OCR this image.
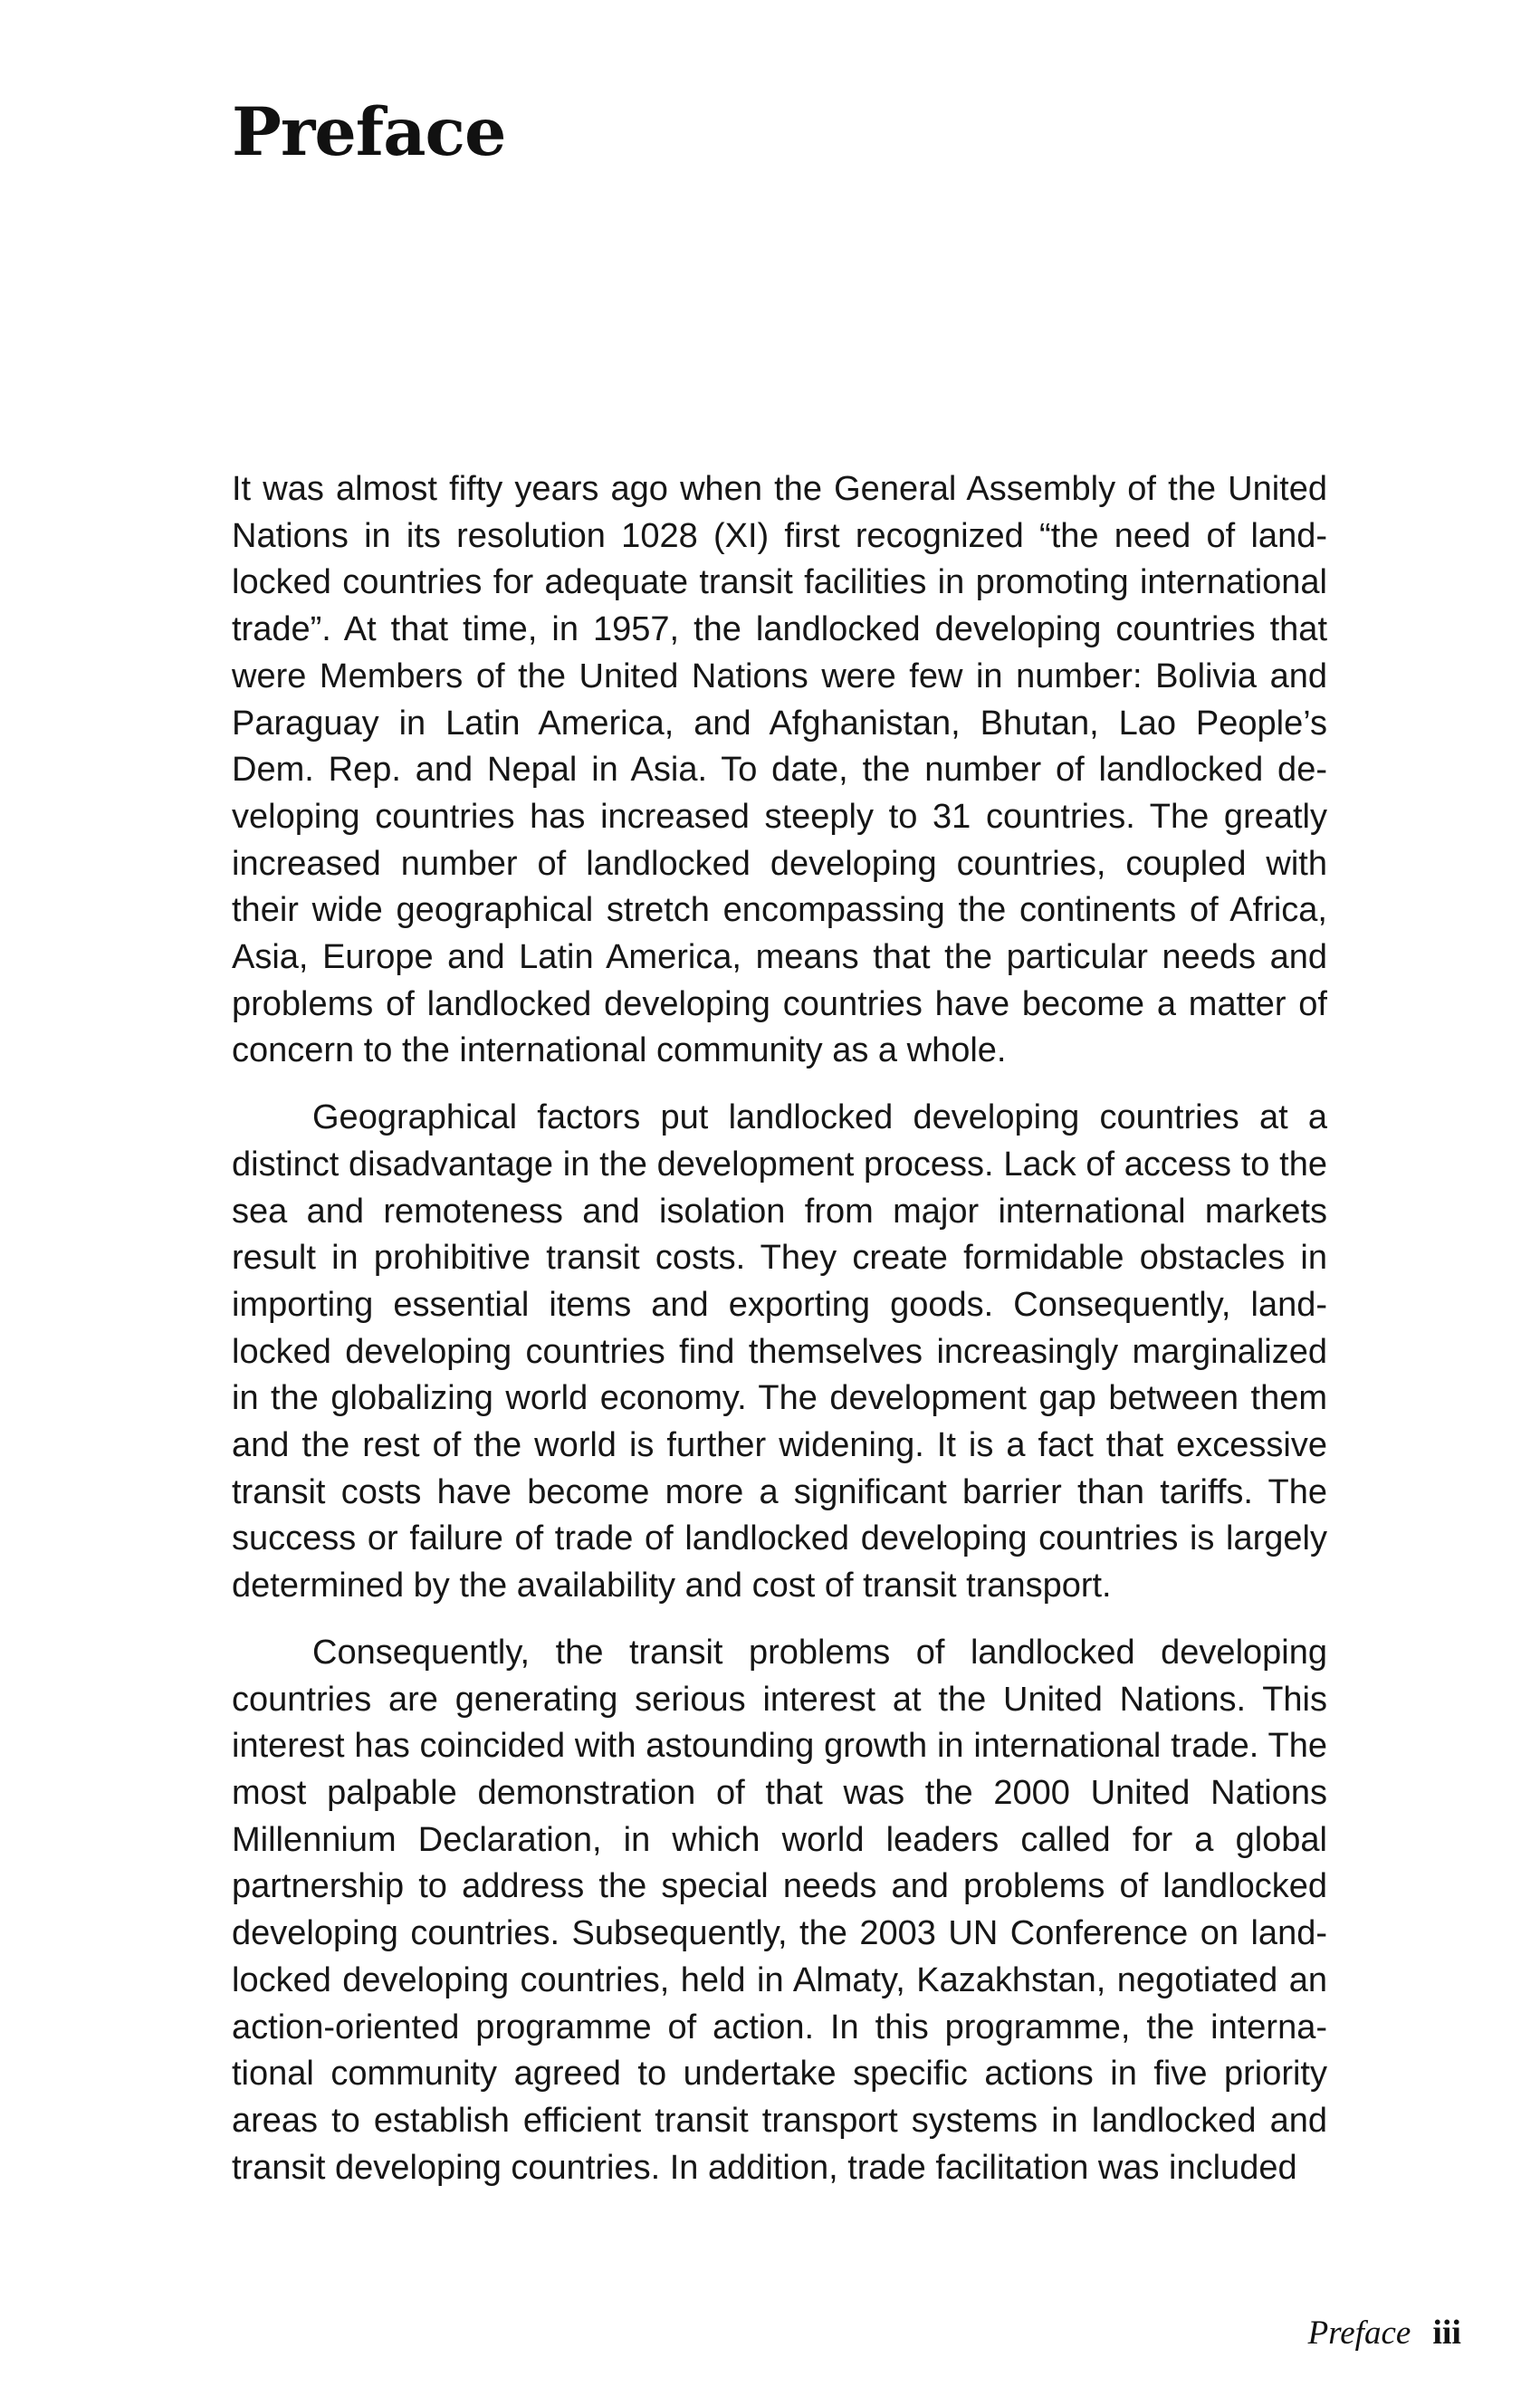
Preface

It was almost fifty years ago when the General Assembly of the United Nations in its resolution 1028 (XI) first recognized “the need of landlocked countries for adequate transit facilities in promoting international trade”. At that time, in 1957, the landlocked developing countries that were Members of the United Nations were few in number: Bolivia and Paraguay in Latin America, and Afghanistan, Bhutan, Lao People’s Dem. Rep. and Nepal in Asia. To date, the number of landlocked developing countries has increased steeply to 31 countries. The greatly increased number of landlocked developing countries, coupled with their wide geographical stretch encompassing the continents of Africa, Asia, Europe and Latin America, means that the particular needs and problems of landlocked developing countries have become a matter of concern to the international community as a whole.

Geographical factors put landlocked developing countries at a distinct disadvantage in the development process. Lack of access to the sea and remoteness and isolation from major international markets result in prohibitive transit costs. They create formidable obstacles in importing essential items and exporting goods. Consequently, landlocked developing countries find themselves increasingly marginalized in the globalizing world economy. The development gap between them and the rest of the world is further widening. It is a fact that excessive transit costs have become more a significant barrier than tariffs. The success or failure of trade of landlocked developing countries is largely determined by the availability and cost of transit transport.

Consequently, the transit problems of landlocked developing countries are generating serious interest at the United Nations. This interest has coincided with astounding growth in international trade. The most palpable demonstration of that was the 2000 United Nations Millennium Declaration, in which world leaders called for a global partnership to address the special needs and problems of landlocked developing countries. Subsequently, the 2003 UN Conference on landlocked developing countries, held in Almaty, Kazakhstan, negotiated an action-oriented programme of action. In this programme, the international community agreed to undertake specific actions in five priority areas to establish efficient transit transport systems in landlocked and transit developing countries. In addition, trade facilitation was included

Preface iii
